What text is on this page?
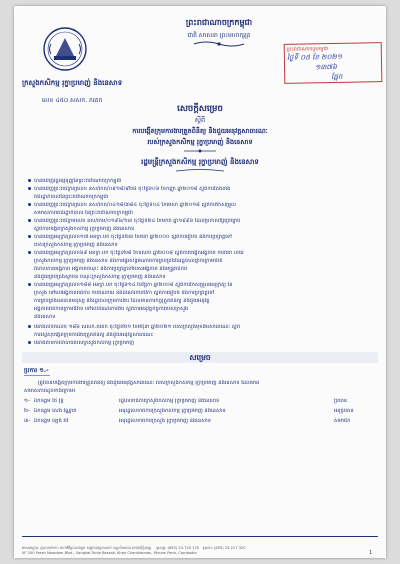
ព្រះរាជាណាចក្រកម្ពុជា
ជាតិ សាសនា ព្រះមហាក្សត្រ
ក្រសួងកសិកម្ម រុក្ខាប្រមាញ់ និងនេសាទ
លេខ ៤៥០ សសក. ភរគក
ព្រះរាជាណាចក្រកម្ពុជា
ថ្ងៃទី ០៥ ខែ ២០២១
១៣៧៦
ផ្អែក
សេចក្ដីសម្រេច
ស្ដីពី
ការបង្កើតក្រុមការងារត្រួតពិនិត្យ និងជួយអនុវត្តសាធារណៈ
របស់ក្រសួងកសិកម្ម រុក្ខាប្រមាញ់ និងនេសាទ
រដ្ឋមន្ត្រីក្រសួងកសិកម្ម រុក្ខាប្រមាញ់ និងនេសាទ
បានឃើញរដ្ឋធម្មនុញ្ញនៃព្រះរាជាណាចក្រកម្ពុជា
បានឃើញព្រះរាជក្រឹត្យលេខ នស/រកត/០៩១៨/៩២៥ ចុះថ្ងៃទី០៦ ខែកញ្ញា ឆ្នាំ២០១៨ ស្ដីពីការតែងតាំង
រាជរដ្ឋាភិបាលនៃព្រះរាជាណាចក្រកម្ពុជា
បានឃើញព្រះរាជក្រឹត្យលេខ នស/រកត/០៤១៨/៣៨៤ ចុះថ្ងៃទី០៤ ខែមេសា ឆ្នាំ២០១៨ ស្ដីពីការកែសម្រួល
សមាសភាពរាជរដ្ឋាភិបាល នៃព្រះរាជាណាចក្រកម្ពុជា
បានឃើញព្រះរាជក្រមលេខ នស/រកម/០១៩៦/១៣ ចុះថ្ងៃទី២៤ ខែមករា ឆ្នាំ១៩៩៦ ដែលប្រកាសឱ្យប្រើច្បាប់
ស្ដីពីការបង្កើតក្រសួងកសិកម្ម រុក្ខាប្រមាញ់ និងនេសាទ
បានឃើញអនុក្រឹត្យលេខ១៧ អនក្រ.បក ចុះថ្ងៃទី២៣ ខែមីនា ឆ្នាំ២០០០ ស្ដីពីការរៀបចំ និងការប្រព្រឹត្តទៅ
របស់ក្រសួងកសិកម្ម រុក្ខាប្រមាញ់ និងនេសាទ
បានឃើញអនុក្រឹត្យលេខ៦៩ អនក្រ.បក ចុះថ្ងៃទី២៨ ខែឧសភា ឆ្នាំ២០០៨ ស្ដីពីការបង្កើតអង្គភាព ការរិយា ល័យ
ក្រសួងកសិកម្ម រុក្ខាប្រមាញ់ និងនេសាទ និងការផ្ទេរសិទ្ធិអំណាចការគ្រប់គ្រងនៃរដ្ឋបាលថ្នាក់ក្រោមជាតិ
វិសាលភាពអង្គភាព អង្គភាពចំណុះ និងការប្រព្រឹត្តទៅរបស់អង្គភាព និងមន្ត្រីរាជការ
និងជួយគ្រប់គ្រងស្ថាប័ន ចំណុះក្រសួងកសិកម្ម រុក្ខាប្រមាញ់ និងនេសាទ
បានឃើញអនុក្រឹត្យលេខ១៨៨ អនក្រ.បក ចុះថ្ងៃទី១៤ ខែវិច្ឆិកា ឆ្នាំ២០០៨ ស្ដីពីការកែសម្រួលអនុក្រឹត្យ នៃ
ក្រសួង ទៅលើអង្គភាពរាជការ ការចំណាយ និងដំណើរការថវិកា ស្ដីពីការរៀបចំ និងការប្រព្រឹត្តទៅ
ការគ្រប់គ្រងធនធានមនុស្ស និងរដ្ឋបាលក្រុមការងារ ដែលមានភារកិច្ចត្រួតពិនិត្យ និងជួយអនុវត្ត
អង្គភាពរាជការក្រោមឱវាទ ទៅលើដំណើរការងារ ស្ដីពីការអនុវត្តកិច្ចការរបស់ក្រសួង
និងនេសាទ
យោងលិខិតលេខ ១៨៦ សសក.ភរគក ចុះថ្ងៃទី២១ ខែមិថុនា ឆ្នាំ២០២១ របស់ក្រសួងមុខងារសាធារណៈ ស្ដីពី
ការស្នើសុំបង្កើតក្រុមការងារត្រួតពិនិត្យ និងជួយអនុវត្តសាធារណៈ
យោងតាមការចាំបាច់របស់ក្រសួងកសិកម្ម រុក្ខាប្រមាញ់
សម្រេច
ប្រការ ១.-
ត្រូវបានបង្កើតក្រុមការងារត្រួតពិនិត្យ និងជួយអនុវត្តសាធារណៈ របស់ក្រសួងកសិកម្ម រុក្ខាប្រមាញ់ និងនេសាទ ដែលមាន
សមាសភាពដូចខាងក្រោម៖
១- ឯកឧត្តម ថៃ វុទ្ធី	រដ្ឋលេខាធិការក្រសួងកសិកម្ម រុក្ខាប្រមាញ់ និងនេសាទ	ប្រធាន
២- ឯកឧត្តម សេង វណ្ណារ៉ា	អនុរដ្ឋលេខាធិការក្រសួងកសិកម្ម រុក្ខាប្រមាញ់ និងនេសាទ	អនុប្រធាន
៣- ឯកឧត្តម ឡេង រ៉ាវី	អនុរដ្ឋលេខាធិការក្រសួង រុក្ខាប្រមាញ់ និងនេសាទ	សមាជិក
អាសយដ្ឋាន: ផ្ទះលេខ២០០ មហាវិថីព្រះនរោត្តម សង្កាត់ទន្លេបាសាក់ ខណ្ឌចំការមន រាជធានីភ្នំពេញ ទូរសព្ទ: (855) 23-720 720 ទូរសារ: (855) 23-217 320
N° 200 Preah Norodom Blvd., Sangkat Tonle Bassak, Khan Chamkarmon, Phnom Penh, Cambodia	1
